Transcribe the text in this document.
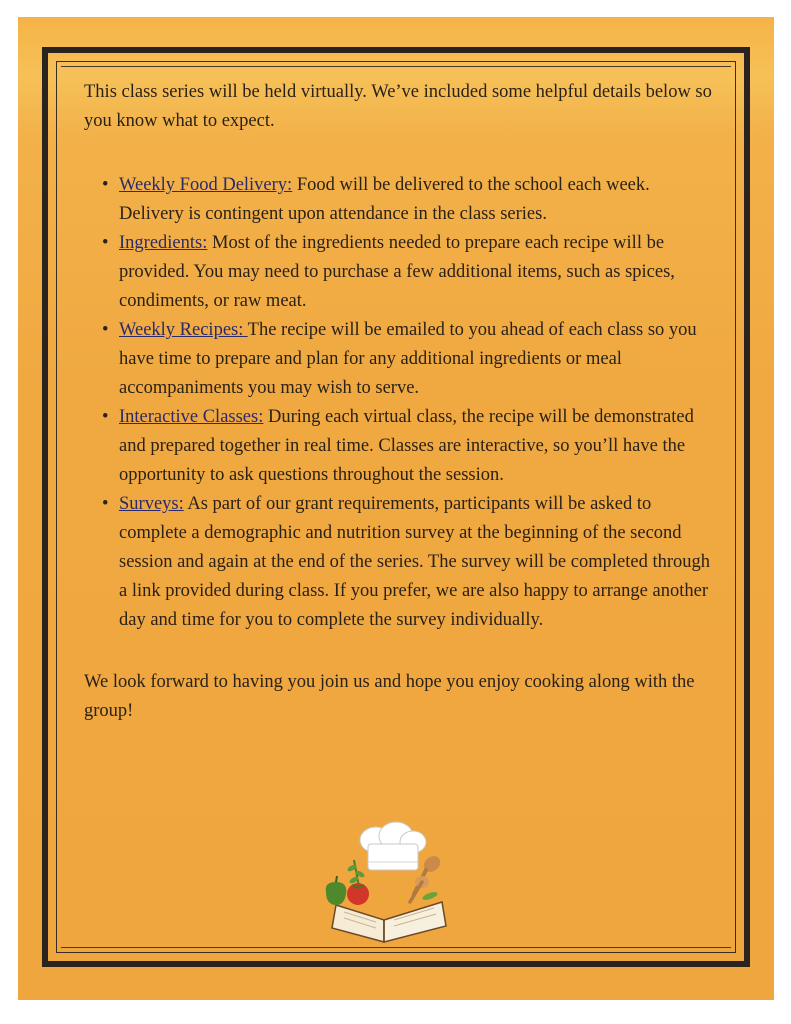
This class series will be held virtually. We’ve included some helpful details below so you know what to expect.

• Weekly Food Delivery: Food will be delivered to the school each week. Delivery is contingent upon attendance in the class series.
• Ingredients: Most of the ingredients needed to prepare each recipe will be provided. You may need to purchase a few additional items, such as spices, condiments, or raw meat.
• Weekly Recipes: The recipe will be emailed to you ahead of each class so you have time to prepare and plan for any additional ingredients or meal accompaniments you may wish to serve.
• Interactive Classes: During each virtual class, the recipe will be demonstrated and prepared together in real time. Classes are interactive, so you’ll have the opportunity to ask questions throughout the session.
• Surveys: As part of our grant requirements, participants will be asked to complete a demographic and nutrition survey at the beginning of the second session and again at the end of the series. The survey will be completed through a link provided during class. If you prefer, we are also happy to arrange another day and time for you to complete the survey individually.

We look forward to having you join us and hope you enjoy cooking along with the group!
